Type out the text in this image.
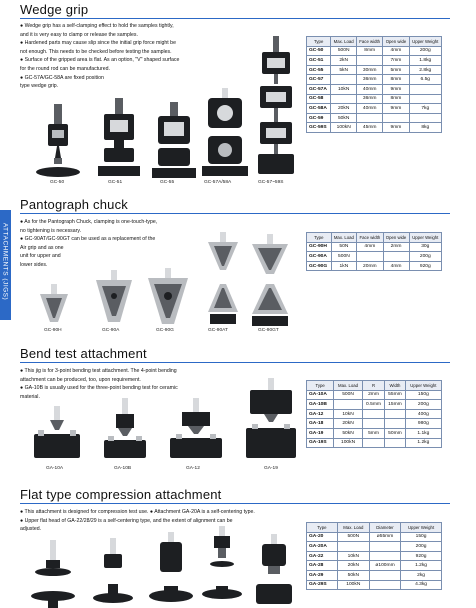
ATTACHMENTS (JIGS)
Wedge grip

● Wedge grip has a self-clamping effect to hold the samples tightly,

and it is very easy to clamp or release the samples.

● Hardened parts may cause slip since the initial grip force might be

not enough. This needs to be checked before testing the samples.

● Surface of the gripped area is flat. As an option, "V" shaped surface

for the round rod can be manufactured.

● GC-57A/GC-58A are fixed position

type wedge grip.

Type	Max. Load	Face width	Open wide	Upper Weight
GC-50	500N	8mm	4mm	200g
GC-51	2kN		7mm	1.8kg
GC-55	5kN	30mm	5mm	2.8kg
GC-57		36mm	8mm	6.5g
GC-57A	10kN	40mm	9mm	
GC-58		36mm	8mm	
GC-58A	20kN	40mm	9mm	7kg
GC-59	50kN			
GC-59S	100kN	45mm	9mm	8kg
GC-50	GC-51	GC-55	GC-57A/58A	GC-57~59S
Pantograph chuck

● As for the Pantograph Chuck, clamping is one-touch-type,

no tightening is necessary.

● GC-90AT/GC-90GT can be used as a replacement of the

Air grip and as one

unit for upper and

lower sides.

Type	Max. Load	Face width	Open wide	Upper Weight
GC-90H	50N	4mm	2mm	30g
GC-90A	500N			200g
GC-90G	1kN	20mm	4mm	920g
GC-90H	GC-90A	GC-90G	GC-90AT	GC-90GT
Bend test attachment

● This jig is for 3-point bending test attachment. The 4-point bending

attachment can be produced, too, upon requirement.

● GA-10B is usually used for the three-point bending test for ceramic

material.

Type	Max. Load	R	Width	Upper Weight
GA-10A	500N	2mm	55mm	150g
GA-10B		0.5mm	15mm	200g
GA-12	10kN			400g
GA-18	20kN			980g
GA-19	50kN	5mm	50mm	1.1kg
GA-19S	100kN			1.2kg
GA-10A	GA-10B	GA-12	GA-19
Flat type compression attachment

● This attachment is designed for compression test use. ● Attachment GA-20A is a self-centering type.

● Upper flat head of GA-22/28/29 is a self-centering type, and the extent of alignment can be

adjusted.	Type	Max. Load	Diameter	Upper Weight
GA-20	500N	ø55mm	150g
GA-20A			200g
GA-22	10kN		920g
GA-28	20kN	ø100mm	1.2kg
GA-29	50kN		2kg
GA-29S	100kN		4.3kg
